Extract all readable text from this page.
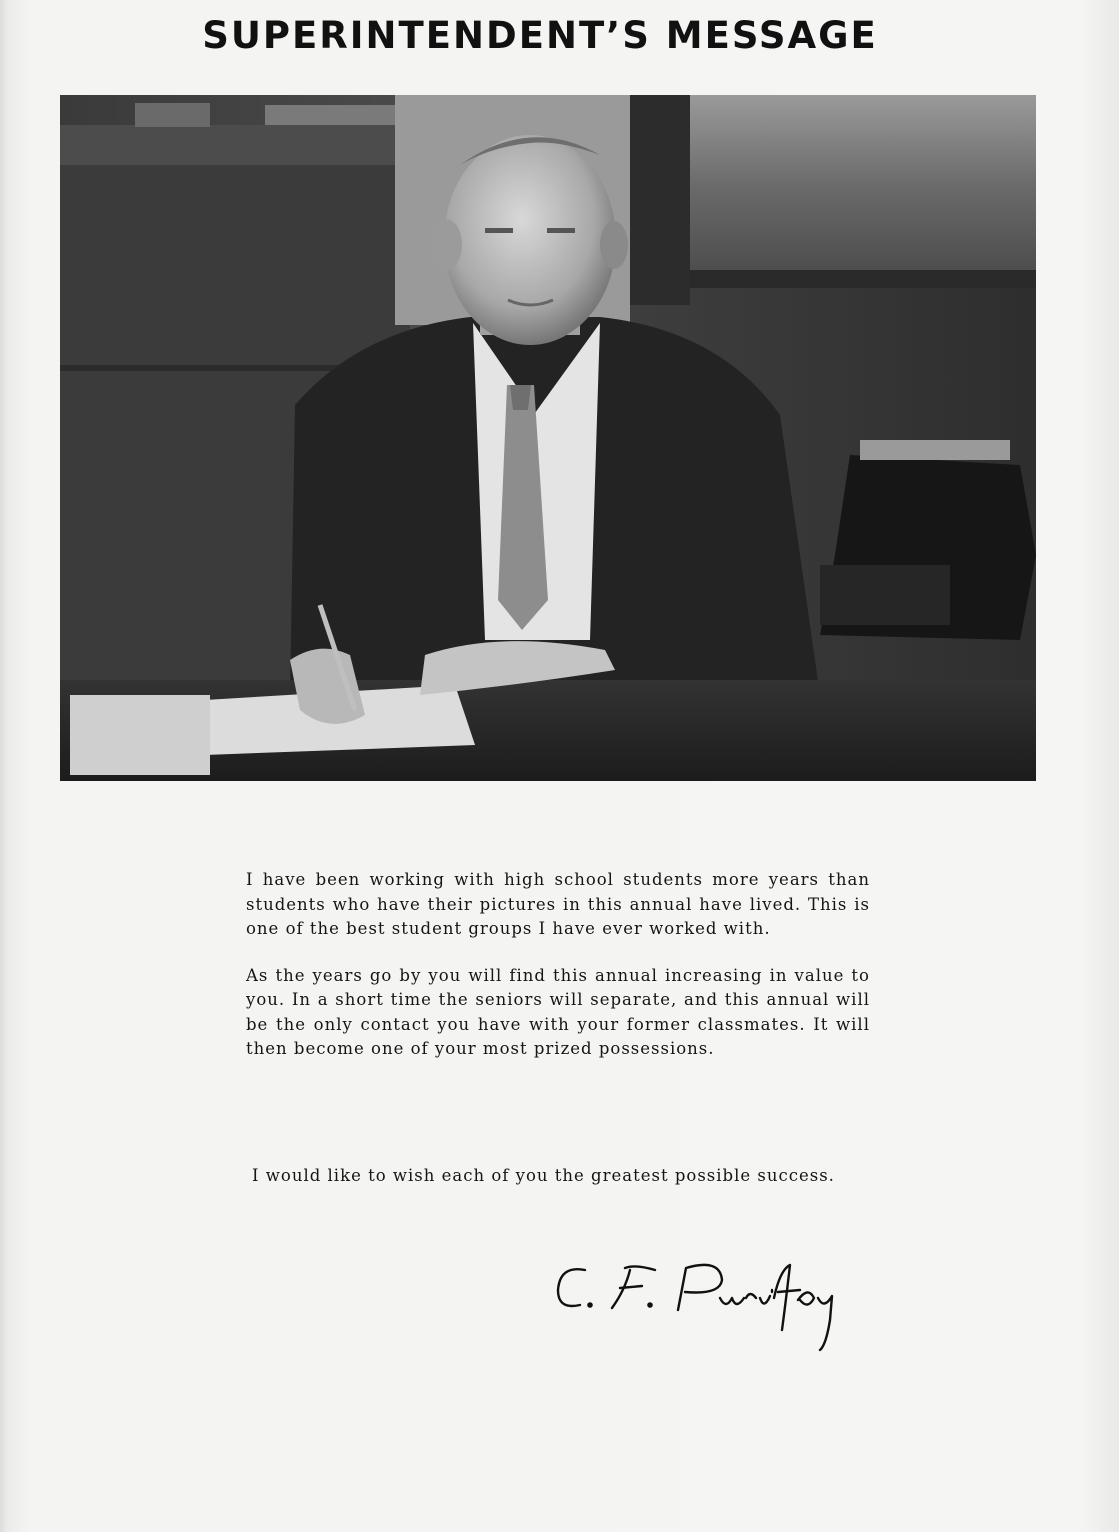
SUPERINTENDENT’S MESSAGE

I have been working with high school students more years than students who have their pictures in this annual have lived. This is one of the best student groups I have ever worked with.

As the years go by you will find this annual increasing in value to you. In a short time the seniors will separate, and this annual will be the only contact you have with your former classmates. It will then become one of your most prized possessions.

I would like to wish each of you the greatest possible success.
